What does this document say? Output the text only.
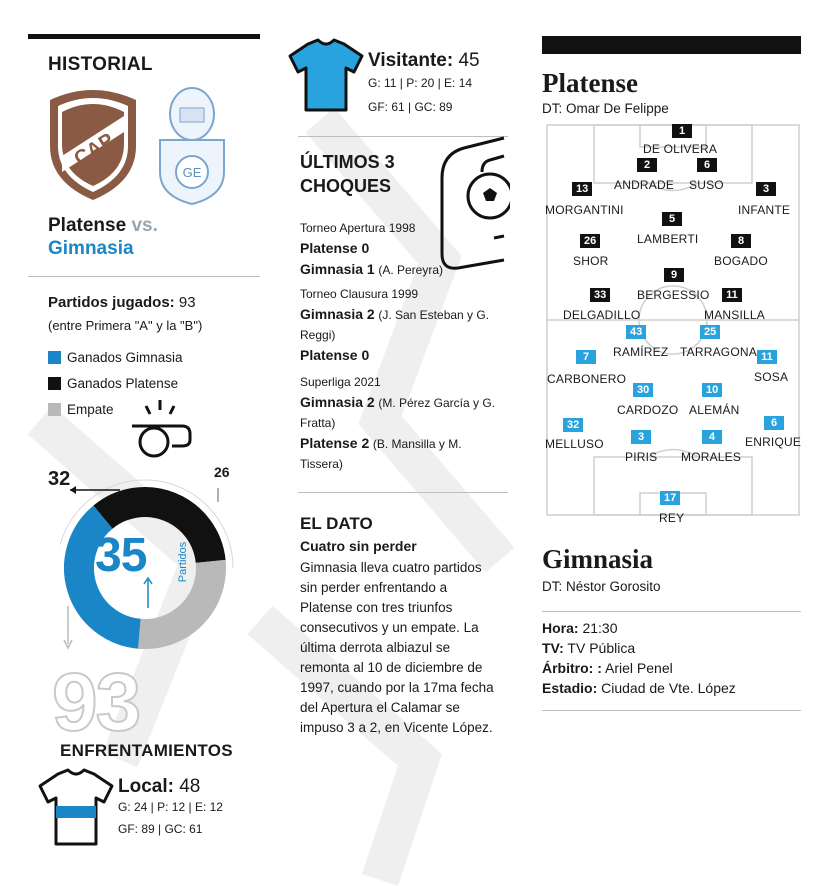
HISTORIAL
CAP
GE
Platense vs.
Gimnasia
Partidos jugados: 93
(entre Primera "A" y la "B")
Ganados Gimnasia
Ganados Platense
Empate
32	26
Partidos
35
93
ENFRENTAMIENTOS
Local: 48
G: 24 | P: 12 | E: 12
GF: 89 | GC: 61
Visitante: 45
G: 11 | P: 20 | E: 14
GF: 61 | GC: 89
ÚLTIMOS 3
CHOQUES
Torneo Apertura 1998
Platense 0
Gimnasia 1 (A. Pereyra)
Torneo Clausura 1999
Gimnasia 2 (J. San Esteban y G. Reggi)
Platense 0
Superliga 2021
Gimnasia 2 (M. Pérez García y G. Fratta)
Platense 2 (B. Mansilla y M. Tissera)
EL DATO
Cuatro sin perder
Gimnasia lleva cuatro partidos sin perder enfrentando a Platense con tres triunfos consecutivos y un empate. La última derrota albiazul se remonta al 10 de diciembre de 1997, cuando por la 17ma fecha del Apertura el Calamar se impuso 3 a 2, en Vicente López.
Platense
DT: Omar De Felippe
1
DE OLIVERA
2
ANDRADE
6
SUSO
13
MORGANTINI
3
INFANTE
5
LAMBERTI
26
SHOR
8
BOGADO
9
BERGESSIO
33
DELGADILLO
11
MANSILLA
43
RAMÍREZ
25
TARRAGONA
7
CARBONERO
11
SOSA
30
CARDOZO
10
ALEMÁN
32
MELLUSO
6
ENRIQUE
3
PIRIS
4
MORALES
17
REY
Gimnasia
DT: Néstor Gorosito
Hora: 21:30
TV: TV Pública
Árbitro: : Ariel Penel
Estadio: Ciudad de Vte. López
